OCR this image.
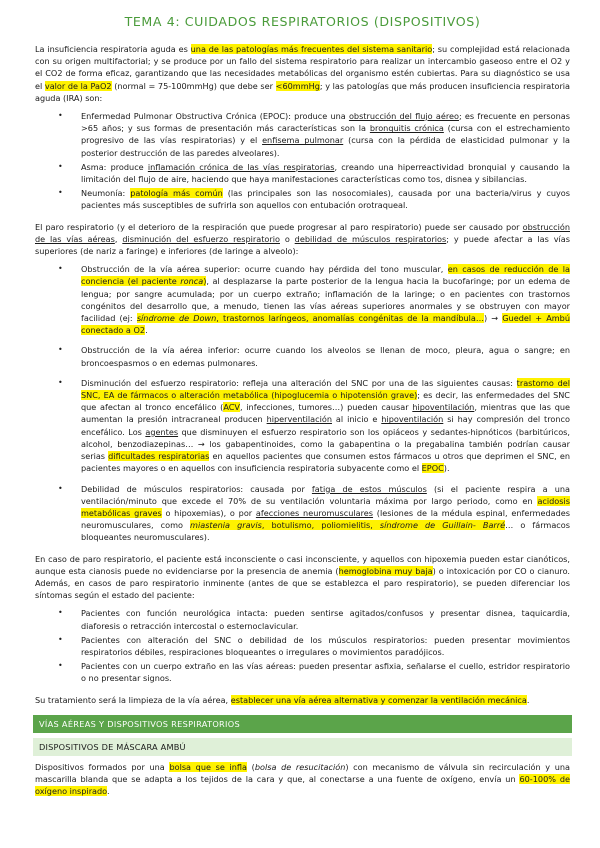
TEMA 4: CUIDADOS RESPIRATORIOS (DISPOSITIVOS)

La insuficiencia respiratoria aguda es una de las patologías más frecuentes del sistema sanitario; su complejidad está relacionada con su origen multifactorial; y se produce por un fallo del sistema respiratorio para realizar un intercambio gaseoso entre el O2 y el CO2 de forma eficaz, garantizando que las necesidades metabólicas del organismo estén cubiertas. Para su diagnóstico se usa el valor de la PaO2 (normal = 75-100mmHg) que debe ser <60mmHg; y las patologías que más producen insuficiencia respiratoria aguda (IRA) son:

• Enfermedad Pulmonar Obstructiva Crónica (EPOC): produce una obstrucción del flujo aéreo; es frecuente en personas >65 años; y sus formas de presentación más características son la bronquitis crónica (cursa con el estrechamiento progresivo de las vías respiratorias) y el enfisema pulmonar (cursa con la pérdida de elasticidad pulmonar y la posterior destrucción de las paredes alveolares).
• Asma: produce inflamación crónica de las vías respiratorias, creando una hiperreactividad bronquial y causando la limitación del flujo de aire, haciendo que haya manifestaciones características como tos, disnea y sibilancias.
• Neumonía: patología más común (las principales son las nosocomiales), causada por una bacteria/virus y cuyos pacientes más susceptibles de sufrirla son aquellos con entubación orotraqueal.

El paro respiratorio (y el deterioro de la respiración que puede progresar al paro respiratorio) puede ser causado por obstrucción de las vías aéreas, disminución del esfuerzo respiratorio o debilidad de músculos respiratorios; y puede afectar a las vías superiores (de nariz a faringe) e inferiores (de laringe a alveolo):

• Obstrucción de la vía aérea superior: ocurre cuando hay pérdida del tono muscular, en casos de reducción de la conciencia (el paciente ronca), al desplazarse la parte posterior de la lengua hacia la bucofaringe; por un edema de lengua; por sangre acumulada; por un cuerpo extraño; inflamación de la laringe; o en pacientes con trastornos congénitos del desarrollo que, a menudo, tienen las vías aéreas superiores anormales y se obstruyen con mayor facilidad (ej: síndrome de Down, trastornos laríngeos, anomalías congénitas de la mandíbula…) → Guedel + Ambú conectado a O2.
• Obstrucción de la vía aérea inferior: ocurre cuando los alveolos se llenan de moco, pleura, agua o sangre; en broncoespasmos o en edemas pulmonares.
• Disminución del esfuerzo respiratorio: refleja una alteración del SNC por una de las siguientes causas: trastorno del SNC, EA de fármacos o alteración metabólica (hipoglucemia o hipotensión grave); es decir, las enfermedades del SNC que afectan al tronco encefálico (ACV, infecciones, tumores…) pueden causar hipoventilación, mientras que las que aumentan la presión intracraneal producen hiperventilación al inicio e hipoventilación si hay compresión del tronco encefálico. Los agentes que disminuyen el esfuerzo respiratorio son los opiáceos y sedantes-hipnóticos (barbitúricos, alcohol, benzodiazepinas… → los gabapentinoides, como la gabapentina o la pregabalina también podrían causar serias dificultades respiratorias en aquellos pacientes que consumen estos fármacos u otros que deprimen el SNC, en pacientes mayores o en aquellos con insuficiencia respiratoria subyacente como el EPOC).
• Debilidad de músculos respiratorios: causada por fatiga de estos músculos (si el paciente respira a una ventilación/minuto que excede el 70% de su ventilación voluntaria máxima por largo periodo, como en acidosis metabólicas graves o hipoxemias), o por afecciones neuromusculares (lesiones de la médula espinal, enfermedades neuromusculares, como miastenia gravis, botulismo, poliomielitis, síndrome de Guillain- Barré… o fármacos bloqueantes neuromusculares).

En caso de paro respiratorio, el paciente está inconsciente o casi inconsciente, y aquellos con hipoxemia pueden estar cianóticos, aunque esta cianosis puede no evidenciarse por la presencia de anemia (hemoglobina muy baja) o intoxicación por CO o cianuro. Además, en casos de paro respiratorio inminente (antes de que se establezca el paro respiratorio), se pueden diferenciar los síntomas según el estado del paciente:

• Pacientes con función neurológica intacta: pueden sentirse agitados/confusos y presentar disnea, taquicardia, diaforesis o retracción intercostal o esternoclavicular.
• Pacientes con alteración del SNC o debilidad de los músculos respiratorios: pueden presentar movimientos respiratorios débiles, respiraciones bloqueantes o irregulares o movimientos paradójicos.
• Pacientes con un cuerpo extraño en las vías aéreas: pueden presentar asfixia, señalarse el cuello, estridor respiratorio o no presentar signos.

Su tratamiento será la limpieza de la vía aérea, establecer una vía aérea alternativa y comenzar la ventilación mecánica.

VÍAS AÉREAS Y DISPOSITIVOS RESPIRATORIOS
DISPOSITIVOS DE MÁSCARA AMBÚ

Dispositivos formados por una bolsa que se infla (bolsa de resucitación) con mecanismo de válvula sin recirculación y una mascarilla blanda que se adapta a los tejidos de la cara y que, al conectarse a una fuente de oxígeno, envía un 60-100% de oxígeno inspirado.
